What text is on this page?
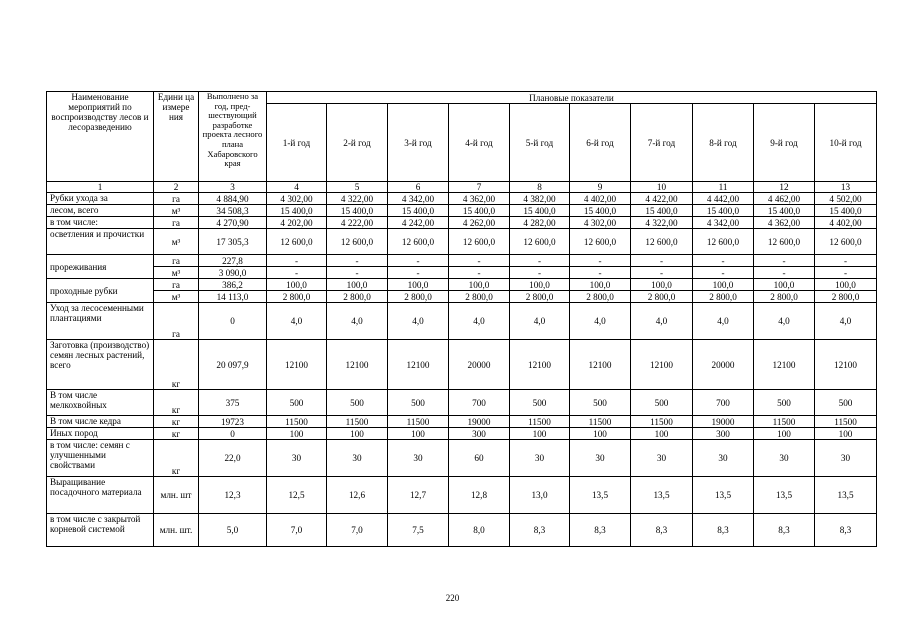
Наименование мероприятий по воспроизводству лесов и лесоразведению	Едини ца измере ния	Выполнено за год, пред-шествующий разработке проекта лесного плана Хабаровского края	Плановые показатели									
			1-й год	2-й год	3-й год	4-й год	5-й год	6-й год	7-й год	8-й год	9-й год	10-й год
1	2	3	4	5	6	7	8	9	10	11	12	13
Рубки ухода за	га	4 884,90	4 302,00	4 322,00	4 342,00	4 362,00	4 382,00	4 402,00	4 422,00	4 442,00	4 462,00	4 502,00
лесом, всего	м³	34 508,3	15 400,0	15 400,0	15 400,0	15 400,0	15 400,0	15 400,0	15 400,0	15 400,0	15 400,0	15 400,0
в том числе:	га	4 270,90	4 202,00	4 222,00	4 242,00	4 262,00	4 282,00	4 302,00	4 322,00	4 342,00	4 362,00	4 402,00
осветления и прочистки	м³	17 305,3	12 600,0	12 600,0	12 600,0	12 600,0	12 600,0	12 600,0	12 600,0	12 600,0	12 600,0	12 600,0
прореживания	га	227,8	-	-	-	-	-	-	-	-	-	-
	м³	3 090,0	-	-	-	-	-	-	-	-	-	-
проходные рубки	га	386,2	100,0	100,0	100,0	100,0	100,0	100,0	100,0	100,0	100,0	100,0
	м³	14 113,0	2 800,0	2 800,0	2 800,0	2 800,0	2 800,0	2 800,0	2 800,0	2 800,0	2 800,0	2 800,0
Уход за лесосеменными плантациями	га	0	4,0	4,0	4,0	4,0	4,0	4,0	4,0	4,0	4,0	4,0
Заготовка (производство) семян лесных растений, всего	кг	20 097,9	12100	12100	12100	20000	12100	12100	12100	20000	12100	12100
В том числе мелкохвойных	кг	375	500	500	500	700	500	500	500	700	500	500
В том числе кедра	кг	19723	11500	11500	11500	19000	11500	11500	11500	19000	11500	11500
Иных пород	кг	0	100	100	100	300	100	100	100	300	100	100
в том числе: семян с улучшенными свойствами	кг	22,0	30	30	30	60	30	30	30	30	30	30
Выращивание посадочного материала	млн. шт	12,3	12,5	12,6	12,7	12,8	13,0	13,5	13,5	13,5	13,5	13,5
в том числе с закрытой корневой системой	млн. шт.	5,0	7,0	7,0	7,5	8,0	8,3	8,3	8,3	8,3	8,3	8,3
220
